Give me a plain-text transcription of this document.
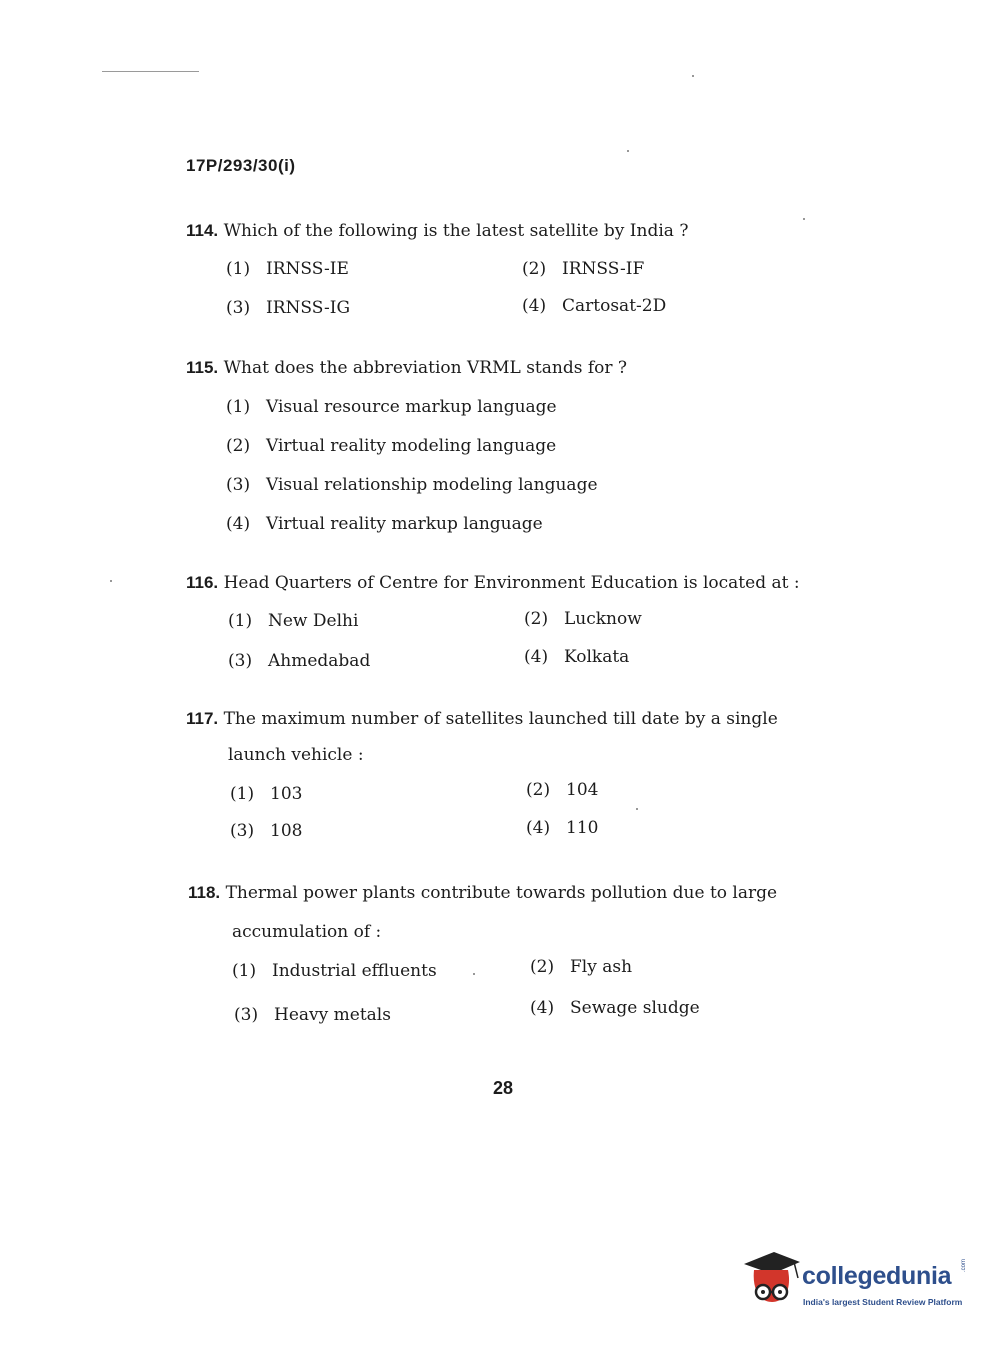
17P/293/30(i)
114. Which of the following is the latest satellite by India ?
(1) IRNSS-IE	(2) IRNSS-IF
(3) IRNSS-IG	(4) Cartosat-2D
115. What does the abbreviation VRML stands for ?
(1) Visual resource markup language
(2) Virtual reality modeling language
(3) Visual relationship modeling language
(4) Virtual reality markup language
116. Head Quarters of Centre for Environment Education is located at :
(1) New Delhi	(2) Lucknow
(3) Ahmedabad	(4) Kolkata
117. The maximum number of satellites launched till date by a single
launch vehicle :
(1) 103	(2) 104
(3) 108	(4) 110
118. Thermal power plants contribute towards pollution due to large
accumulation of :
(1) Industrial effluents	(2) Fly ash
(3) Heavy metals	(4) Sewage sludge
28
collegedunia .com
India's largest Student Review Platform
